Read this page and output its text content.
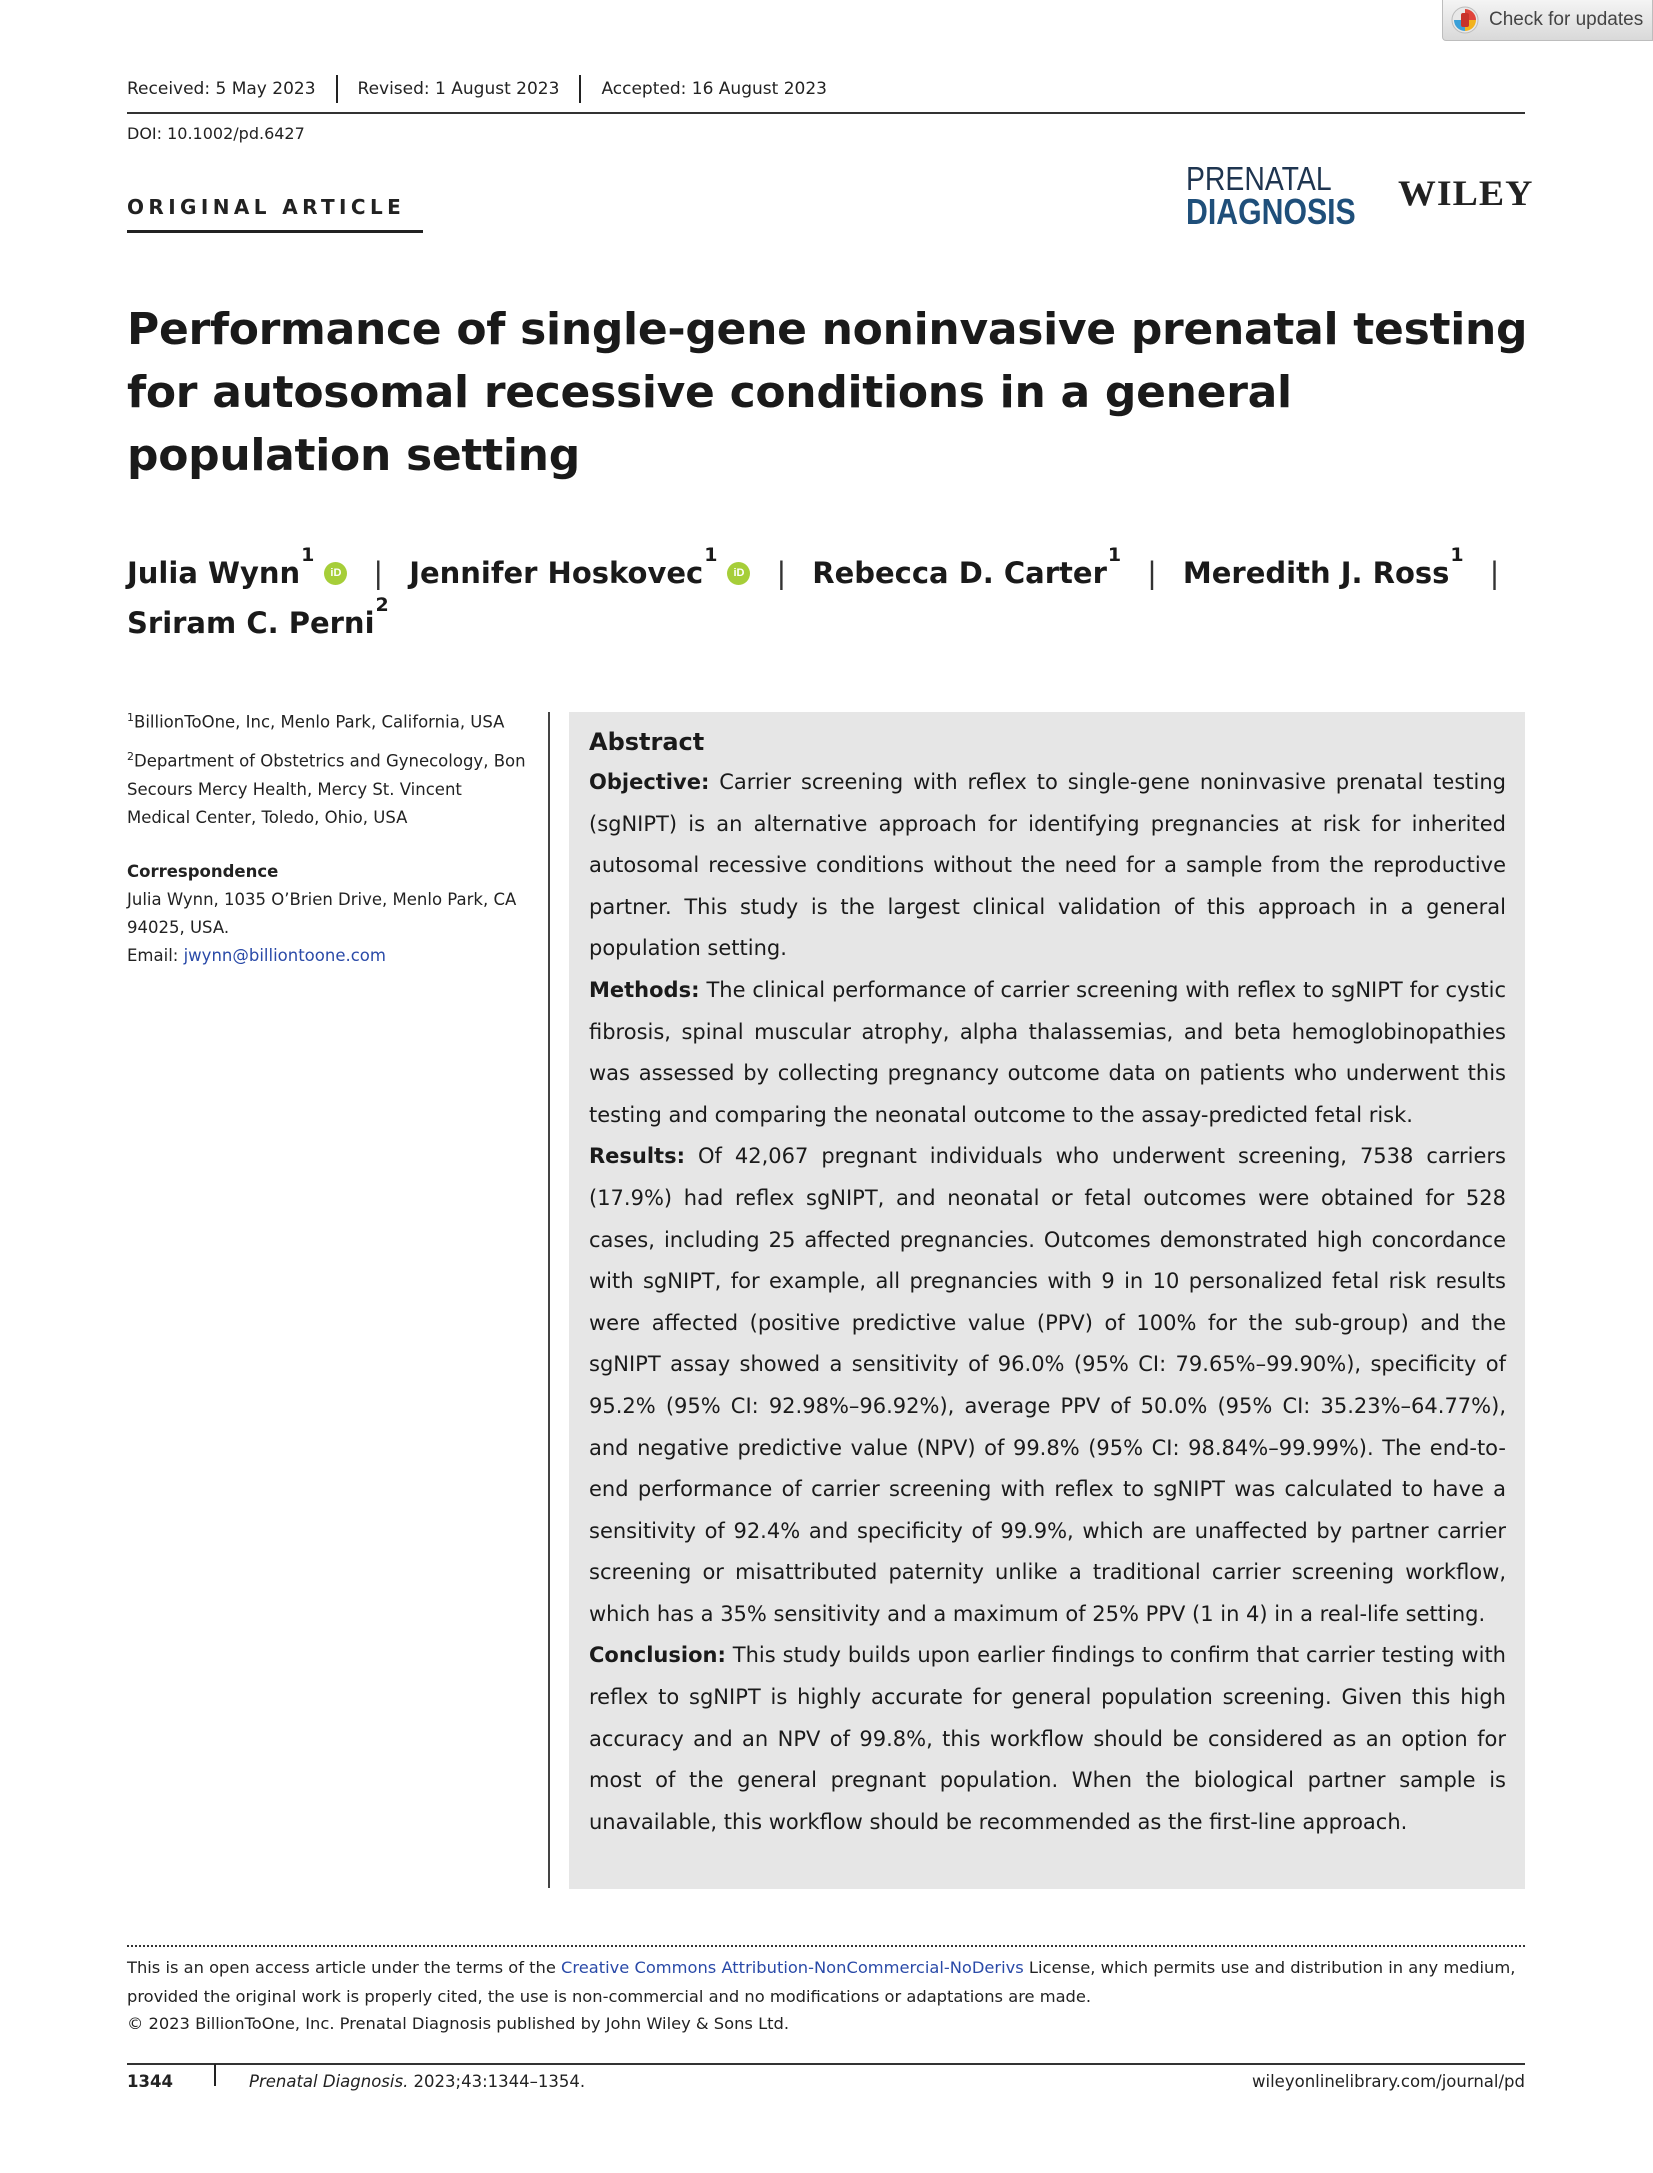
Check for updates
Received: 5 May 2023 Revised: 1 August 2023 Accepted: 16 August 2023
DOI: 10.1002/pd.6427
ORIGINAL ARTICLE
PRENATAL
DIAGNOSIS WILEY
Performance of single-gene noninvasive prenatal testing for autosomal recessive conditions in a general population setting
Julia Wynn
$^1$
iD | Jennifer Hoskovec
$^1$
iD | Rebecca D. Carter
$^1$
| Meredith J. Ross
$^1$
|

Sriram C. Perni
$^2$
$^1$BillionToOne, Inc, Menlo Park, California, USA
$^2$Department of Obstetrics and Gynecology, Bon Secours Mercy Health, Mercy St. Vincent Medical Center, Toledo, Ohio, USA
Correspondence
Julia Wynn, 1035 O’Brien Drive, Menlo Park, CA 94025, USA.
Email: jwynn@billiontoone.com
Abstract

Objective: Carrier screening with reflex to single-gene noninvasive prenatal testing (sgNIPT) is an alternative approach for identifying pregnancies at risk for inherited autosomal recessive conditions without the need for a sample from the reproductive partner. This study is the largest clinical validation of this approach in a general population setting.

Methods: The clinical performance of carrier screening with reflex to sgNIPT for cystic fibrosis, spinal muscular atrophy, alpha thalassemias, and beta hemoglobinopathies was assessed by collecting pregnancy outcome data on patients who underwent this testing and comparing the neonatal outcome to the assay-predicted fetal risk.

Results: Of 42,067 pregnant individuals who underwent screening, 7538 carriers (17.9%) had reflex sgNIPT, and neonatal or fetal outcomes were obtained for 528 cases, including 25 affected pregnancies. Outcomes demonstrated high concordance with sgNIPT, for example, all pregnancies with 9 in 10 personalized fetal risk results were affected (positive predictive value (PPV) of 100% for the sub-group) and the sgNIPT assay showed a sensitivity of 96.0% (95% CI: 79.65%–99.90%), specificity of 95.2% (95% CI: 92.98%–96.92%), average PPV of 50.0% (95% CI: 35.23%–64.77%), and negative predictive value (NPV) of 99.8% (95% CI: 98.84%–99.99%). The end-to-end performance of carrier screening with reflex to sgNIPT was calculated to have a sensitivity of 92.4% and specificity of 99.9%, which are unaffected by partner carrier screening or misattributed paternity unlike a traditional carrier screening workflow, which has a 35% sensitivity and a maximum of 25% PPV (1 in 4) in a real-life setting.

Conclusion: This study builds upon earlier findings to confirm that carrier testing with reflex to sgNIPT is highly accurate for general population screening. Given this high accuracy and an NPV of 99.8%, this workflow should be considered as an option for most of the general pregnant population. When the biological partner sample is unavailable, this workflow should be recommended as the first-line approach.

This is an open access article under the terms of the Creative Commons Attribution-NonCommercial-NoDerivs License, which permits use and distribution in any medium, provided the original work is properly cited, the use is non-commercial and no modifications or adaptations are made.
© 2023 BillionToOne, Inc. Prenatal Diagnosis published by John Wiley & Sons Ltd.
1344	Prenatal Diagnosis. 2023;43:1344–1354.	wileyonlinelibrary.com/journal/pd
